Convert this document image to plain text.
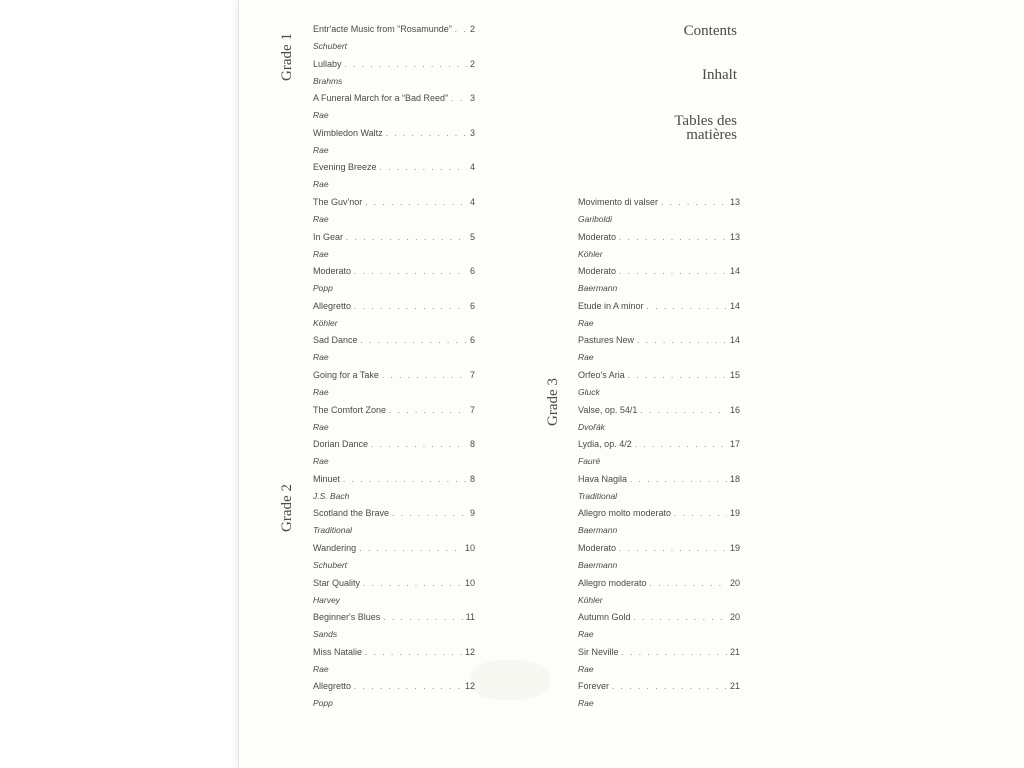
Contents
Inhalt
Tables des matières
Grade 1
Grade 2
Grade 3
Entr'acte Music from “Rosamunde” . . . 2
Schubert
Lullaby . . .	2
Brahms
A Funeral March for a “Bad Reed” . . . 3
Rae
Wimbledon Waltz . . .	3
Rae
Evening Breeze . . .	4
Rae
The Guv'nor . . .	4
Rae
In Gear . . .	5
Rae
Moderato . . .	6
Popp
Allegretto . . .	6
Köhler
Sad Dance . . .	6
Rae
Going for a Take . . .	7
Rae
The Comfort Zone . . .	7
Rae
Dorian Dance . . .	8
Rae
Minuet . . .	8
J.S. Bach
Scotland the Brave . . .	9
Traditional
Wandering . . .	10
Schubert
Star Quality . . .	10
Harvey
Beginner's Blues . . .	11
Sands
Miss Natalie . . .	12
Rae
Allegretto . . .	12
Popp
Movimento di valser . . .	13
Gariboldi
Moderato . . .	13
Köhler
Moderato . . .	14
Baermann
Etude in A minor . . .	14
Rae
Pastures New . . .	14
Rae
Orfeo's Aria . . .	15
Gluck
Valse, op. 54/1 . . .	16
Dvořák
Lydia, op. 4/2 . . .	17
Fauré
Hava Nagila . . .	18
Traditional
Allegro molto moderato . . .	19
Baermann
Moderato . . .	19
Baermann
Allegro moderato . . .	20
Köhler
Autumn Gold . . .	20
Rae
Sir Neville . . .	21
Rae
Forever . . .	21
Rae
